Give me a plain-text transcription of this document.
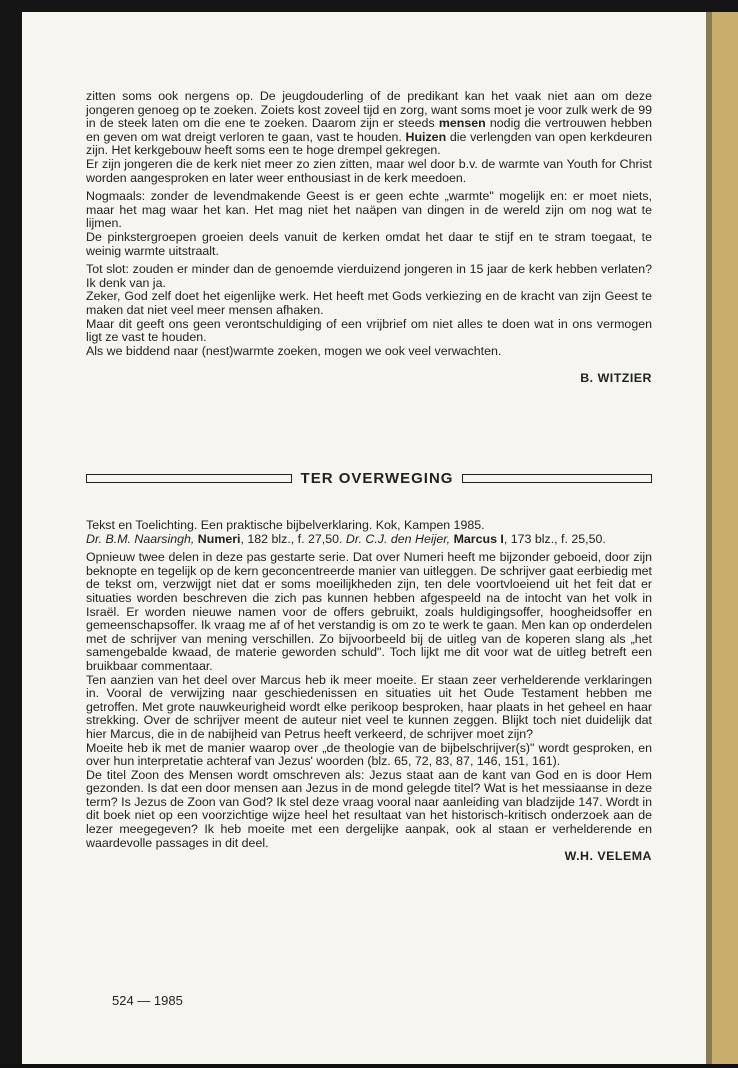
zitten soms ook nergens op. De jeugdouderling of de predikant kan het vaak niet aan om deze jongeren genoeg op te zoeken. Zoiets kost zoveel tijd en zorg, want soms moet je voor zulk werk de 99 in de steek laten om die ene te zoeken. Daarom zijn er steeds mensen nodig die vertrouwen hebben en geven om wat dreigt verloren te gaan, vast te houden. Huizen die verlengden van open kerkdeuren zijn. Het kerkgebouw heeft soms een te hoge drempel gekregen.

Er zijn jongeren die de kerk niet meer zo zien zitten, maar wel door b.v. de warmte van Youth for Christ worden aangesproken en later weer enthousiast in de kerk meedoen.

Nogmaals: zonder de levendmakende Geest is er geen echte „warmte" mogelijk en: er moet niets, maar het mag waar het kan. Het mag niet het naäpen van dingen in de wereld zijn om nog wat te lijmen.

De pinkstergroepen groeien deels vanuit de kerken omdat het daar te stijf en te stram toegaat, te weinig warmte uitstraalt.

Tot slot: zouden er minder dan de genoemde vierduizend jongeren in 15 jaar de kerk hebben verlaten? Ik denk van ja.

Zeker, God zelf doet het eigenlijke werk. Het heeft met Gods verkiezing en de kracht van zijn Geest te maken dat niet veel meer mensen afhaken.

Maar dit geeft ons geen verontschuldiging of een vrijbrief om niet alles te doen wat in ons vermogen ligt ze vast te houden.

Als we biddend naar (nest)warmte zoeken, mogen we ook veel verwachten.

B. WITZIER

TER OVERWEGING

Tekst en Toelichting. Een praktische bijbelverklaring. Kok, Kampen 1985.

Dr. B.M. Naarsingh, Numeri, 182 blz., f. 27,50. Dr. C.J. den Heijer, Marcus I, 173 blz., f. 25,50.

Opnieuw twee delen in deze pas gestarte serie. Dat over Numeri heeft me bijzonder geboeid, door zijn beknopte en tegelijk op de kern geconcentreerde manier van uitleggen. De schrijver gaat eerbiedig met de tekst om, verzwijgt niet dat er soms moeilijkheden zijn, ten dele voortvloeiend uit het feit dat er situaties worden beschreven die zich pas kunnen hebben afgespeeld na de intocht van het volk in Israël. Er worden nieuwe namen voor de offers gebruikt, zoals huldigingsoffer, hoogheidsoffer en gemeenschapsoffer. Ik vraag me af of het verstandig is om zo te werk te gaan. Men kan op onderdelen met de schrijver van mening verschillen. Zo bijvoorbeeld bij de uitleg van de koperen slang als „het samengebalde kwaad, de materie geworden schuld". Toch lijkt me dit voor wat de uitleg betreft een bruikbaar commentaar.

Ten aanzien van het deel over Marcus heb ik meer moeite. Er staan zeer verhelderende verklaringen in. Vooral de verwijzing naar geschiedenissen en situaties uit het Oude Testament hebben me getroffen. Met grote nauwkeurigheid wordt elke perikoop besproken, haar plaats in het geheel en haar strekking. Over de schrijver meent de auteur niet veel te kunnen zeggen. Blijkt toch niet duidelijk dat hier Marcus, die in de nabijheid van Petrus heeft verkeerd, de schrijver moet zijn?

Moeite heb ik met de manier waarop over „de theologie van de bijbelschrijver(s)" wordt gesproken, en over hun interpretatie achteraf van Jezus' woorden (blz. 65, 72, 83, 87, 146, 151, 161).

De titel Zoon des Mensen wordt omschreven als: Jezus staat aan de kant van God en is door Hem gezonden. Is dat een door mensen aan Jezus in de mond gelegde titel? Wat is het messiaanse in deze term? Is Jezus de Zoon van God? Ik stel deze vraag vooral naar aanleiding van bladzijde 147. Wordt in dit boek niet op een voorzichtige wijze heel het resultaat van het historisch-kritisch onderzoek aan de lezer meegegeven? Ik heb moeite met een dergelijke aanpak, ook al staan er verhelderende en waardevolle passages in dit deel.

W.H. VELEMA

524 — 1985
